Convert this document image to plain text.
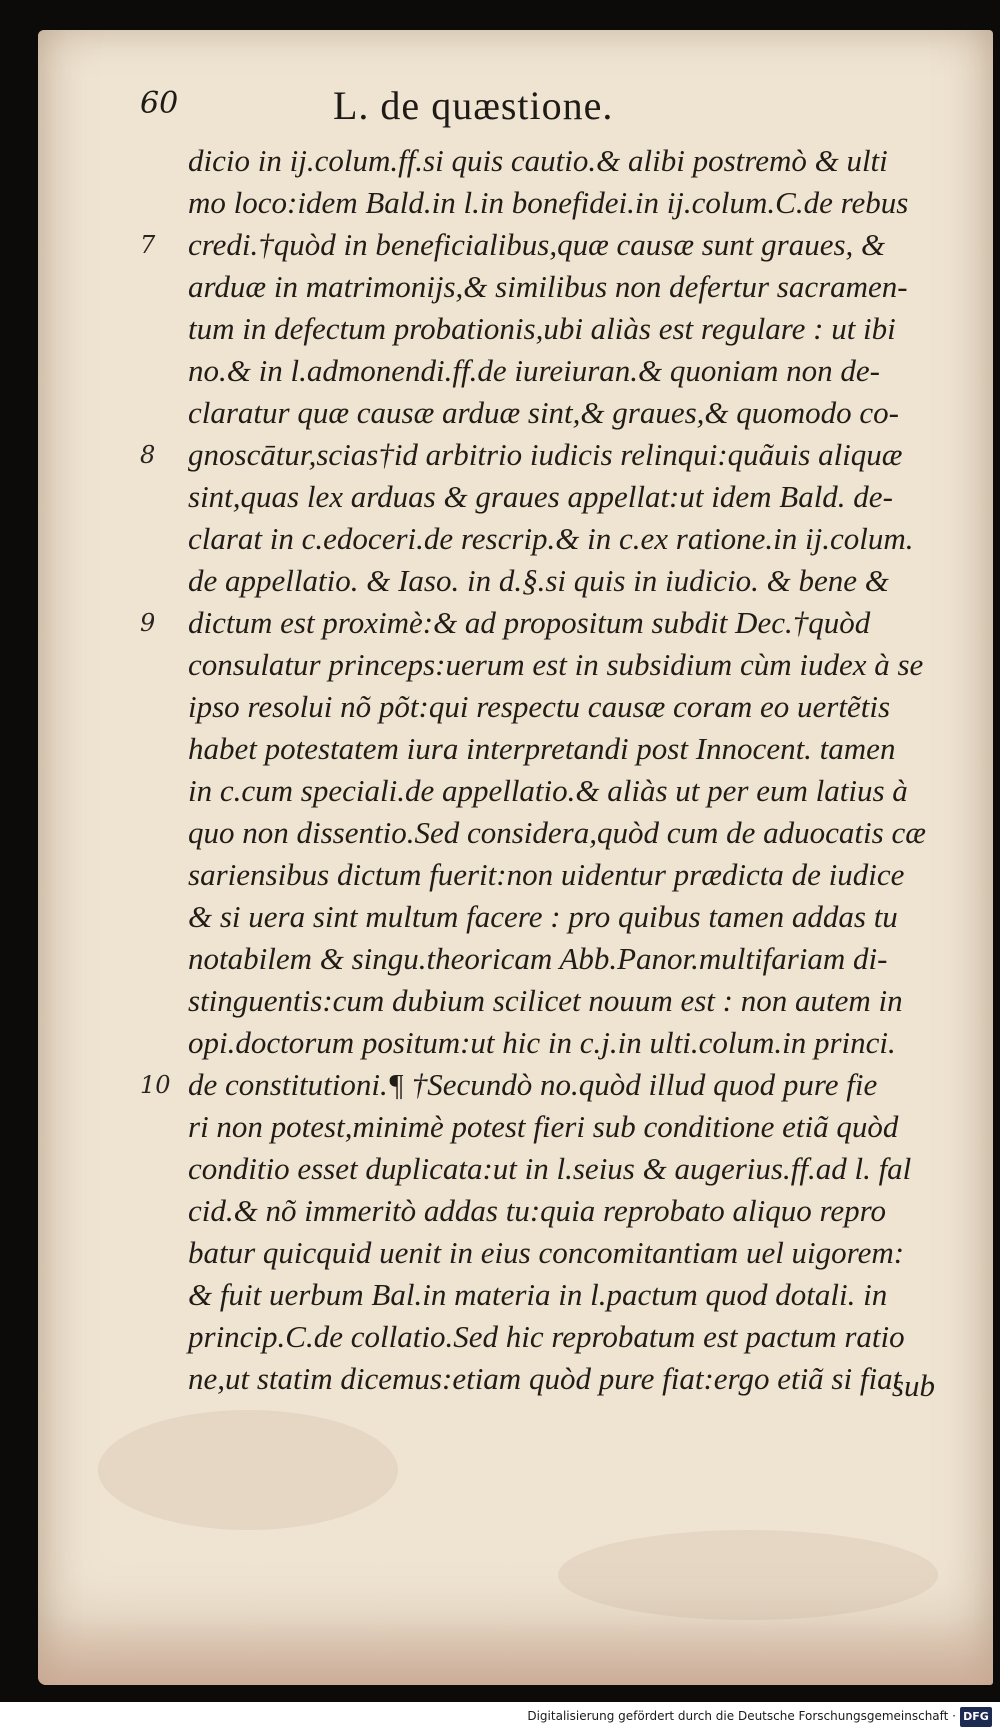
60	L. de quæstione.
dicio in ij.colum.ff.si quis cautio.& alibi postremò & ulti
mo loco:idem Bald.in l.in bonefidei.in ij.colum.C.de rebus
7	credi.†quòd in beneficialibus,quæ causæ sunt graues, &
arduæ in matrimonijs,& similibus non defertur sacramen-
tum in defectum probationis,ubi aliàs est regulare : ut ibi
no.& in l.admonendi.ff.de iureiuran.& quoniam non de-
claratur quæ causæ arduæ sint,& graues,& quomodo co-
8	gnoscātur,scias†id arbitrio iudicis relinqui:quãuis aliquæ
sint,quas lex arduas & graues appellat:ut idem Bald. de-
clarat in c.edoceri.de rescrip.& in c.ex ratione.in ij.colum.
de appellatio. & Iaso. in d.§.si quis in iudicio. & bene &
9	dictum est proximè:& ad propositum subdit Dec.†quòd
consulatur princeps:uerum est in subsidium cùm iudex à se
ipso resolui nõ põt:qui respectu causæ coram eo uertẽtis
habet potestatem iura interpretandi post Innocent. tamen
in c.cum speciali.de appellatio.& aliàs ut per eum latius à
quo non dissentio.Sed considera,quòd cum de aduocatis cæ
sariensibus dictum fuerit:non uidentur prædicta de iudice
& si uera sint multum facere : pro quibus tamen addas tu
notabilem & singu.theoricam Abb.Panor.multifariam di-
stinguentis:cum dubium scilicet nouum est : non autem in
opi.doctorum positum:ut hic in c.j.in ulti.colum.in princi.
10 de constitutioni.¶ †Secundò no.quòd illud quod pure fie
ri non potest,minimè potest fieri sub conditione etiã quòd
conditio esset duplicata:ut in l.seius & augerius.ff.ad l. fal
cid.& nõ immeritò addas tu:quia reprobato aliquo repro
batur quicquid uenit in eius concomitantiam uel uigorem:
& fuit uerbum Bal.in materia in l.pactum quod dotali. in
princip.C.de collatio.Sed hic reprobatum est pactum ratio
ne,ut statim dicemus:etiam quòd pure fiat:ergo etiã si fiat
sub
Digitalisierung gefördert durch die Deutsche Forschungsgemeinschaft · DFG
